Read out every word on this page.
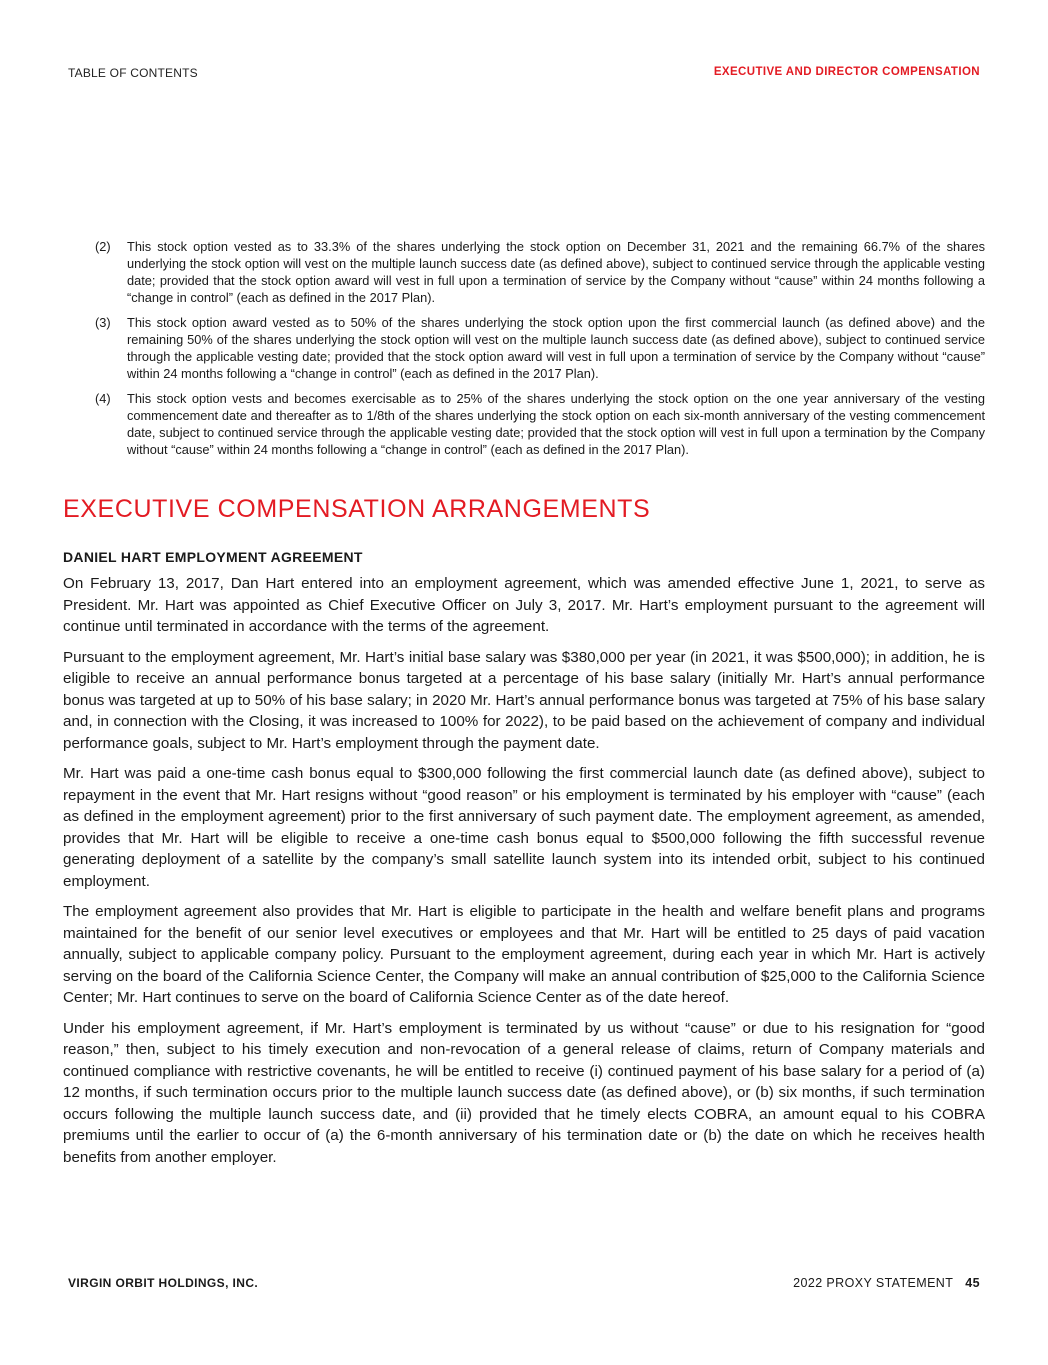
TABLE OF CONTENTS	EXECUTIVE AND DIRECTOR COMPENSATION
(2)	This stock option vested as to 33.3% of the shares underlying the stock option on December 31, 2021 and the remaining 66.7% of the shares underlying the stock option will vest on the multiple launch success date (as defined above), subject to continued service through the applicable vesting date; provided that the stock option award will vest in full upon a termination of service by the Company without “cause” within 24 months following a “change in control” (each as defined in the 2017 Plan).
(3)	This stock option award vested as to 50% of the shares underlying the stock option upon the first commercial launch (as defined above) and the remaining 50% of the shares underlying the stock option will vest on the multiple launch success date (as defined above), subject to continued service through the applicable vesting date; provided that the stock option award will vest in full upon a termination of service by the Company without “cause” within 24 months following a “change in control” (each as defined in the 2017 Plan).
(4)	This stock option vests and becomes exercisable as to 25% of the shares underlying the stock option on the one year anniversary of the vesting commencement date and thereafter as to 1/8th of the shares underlying the stock option on each six-month anniversary of the vesting commencement date, subject to continued service through the applicable vesting date; provided that the stock option will vest in full upon a termination by the Company without “cause” within 24 months following a “change in control” (each as defined in the 2017 Plan).
EXECUTIVE COMPENSATION ARRANGEMENTS
DANIEL HART EMPLOYMENT AGREEMENT

On February 13, 2017, Dan Hart entered into an employment agreement, which was amended effective June 1, 2021, to serve as President. Mr. Hart was appointed as Chief Executive Officer on July 3, 2017. Mr. Hart’s employment pursuant to the agreement will continue until terminated in accordance with the terms of the agreement.

Pursuant to the employment agreement, Mr. Hart’s initial base salary was $380,000 per year (in 2021, it was $500,000); in addition, he is eligible to receive an annual performance bonus targeted at a percentage of his base salary (initially Mr. Hart’s annual performance bonus was targeted at up to 50% of his base salary; in 2020 Mr. Hart’s annual performance bonus was targeted at 75% of his base salary and, in connection with the Closing, it was increased to 100% for 2022), to be paid based on the achievement of company and individual performance goals, subject to Mr. Hart’s employment through the payment date.

Mr. Hart was paid a one-time cash bonus equal to $300,000 following the first commercial launch date (as defined above), subject to repayment in the event that Mr. Hart resigns without “good reason” or his employment is terminated by his employer with “cause” (each as defined in the employment agreement) prior to the first anniversary of such payment date. The employment agreement, as amended, provides that Mr. Hart will be eligible to receive a one-time cash bonus equal to $500,000 following the fifth successful revenue generating deployment of a satellite by the company’s small satellite launch system into its intended orbit, subject to his continued employment.

The employment agreement also provides that Mr. Hart is eligible to participate in the health and welfare benefit plans and programs maintained for the benefit of our senior level executives or employees and that Mr. Hart will be entitled to 25 days of paid vacation annually, subject to applicable company policy. Pursuant to the employment agreement, during each year in which Mr. Hart is actively serving on the board of the California Science Center, the Company will make an annual contribution of $25,000 to the California Science Center; Mr. Hart continues to serve on the board of California Science Center as of the date hereof.

Under his employment agreement, if Mr. Hart’s employment is terminated by us without “cause” or due to his resignation for “good reason,” then, subject to his timely execution and non-revocation of a general release of claims, return of Company materials and continued compliance with restrictive covenants, he will be entitled to receive (i) continued payment of his base salary for a period of (a) 12 months, if such termination occurs prior to the multiple launch success date (as defined above), or (b) six months, if such termination occurs following the multiple launch success date, and (ii) provided that he timely elects COBRA, an amount equal to his COBRA premiums until the earlier to occur of (a) the 6-month anniversary of his termination date or (b) the date on which he receives health benefits from another employer.

VIRGIN ORBIT HOLDINGS, INC.	2022 PROXY STATEMENT 45
